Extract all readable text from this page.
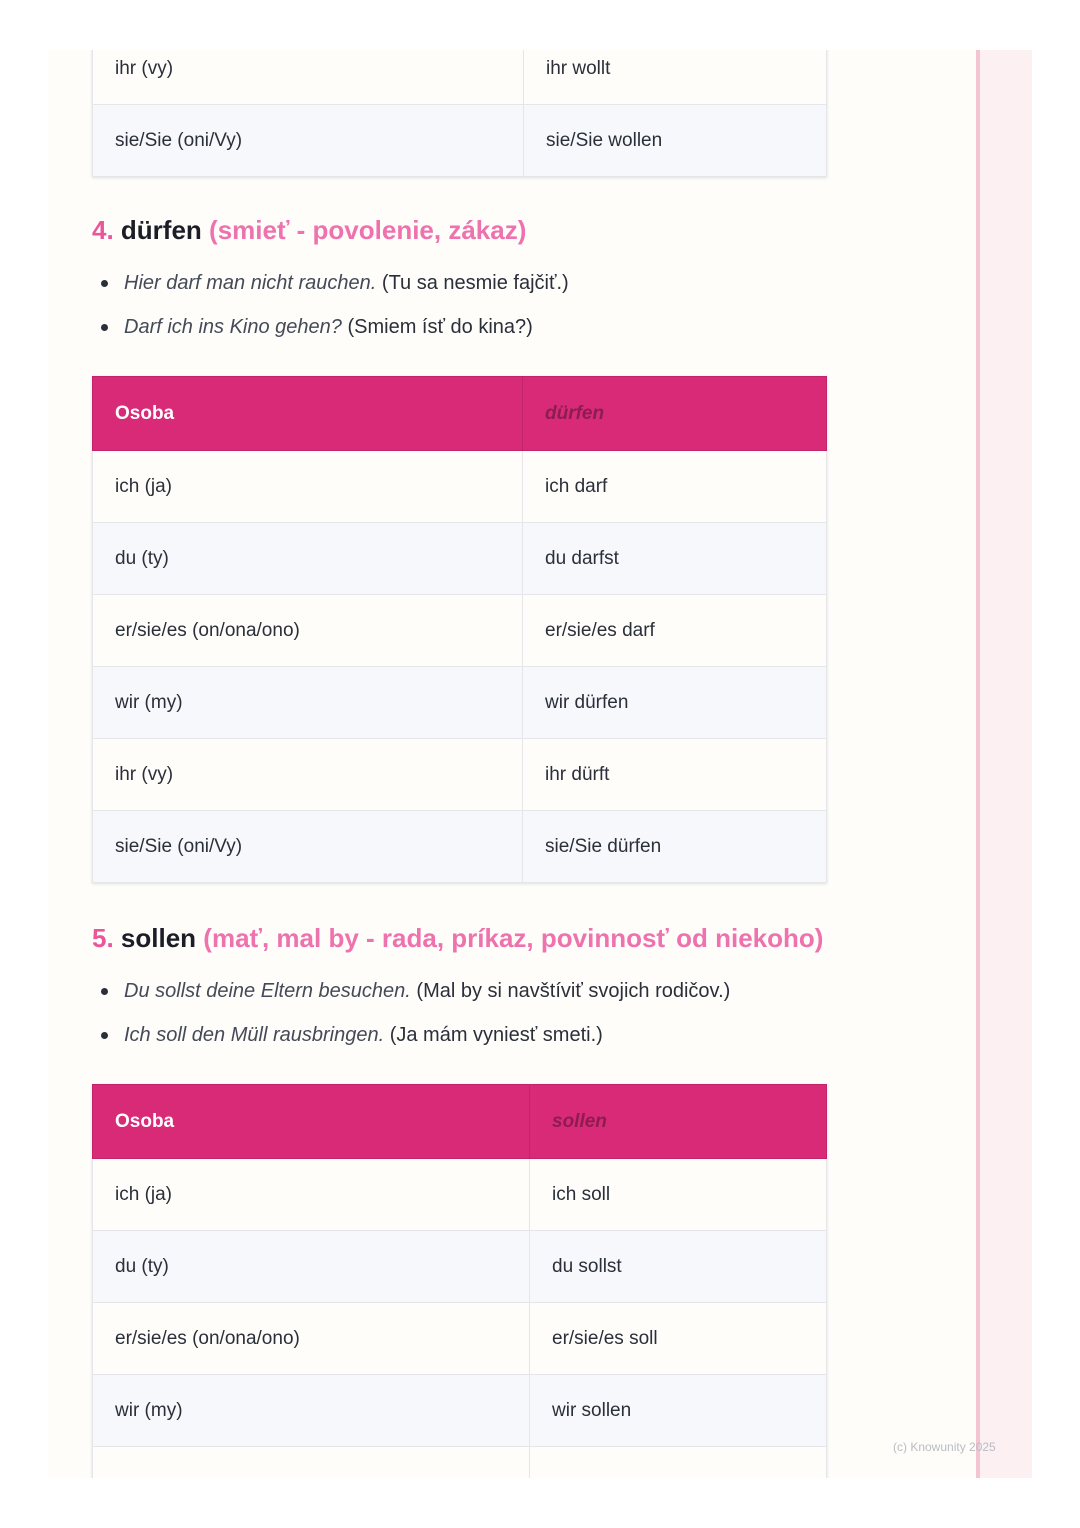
ihr (vy)	ihr wollt
sie/Sie (oni/Vy)	sie/Sie wollen
4. dürfen (smieť - povolenie, zákaz)
Hier darf man nicht rauchen. (Tu sa nesmie fajčiť.)
Darf ich ins Kino gehen? (Smiem ísť do kina?)
Osoba	dürfen
ich (ja)	ich darf
du (ty)	du darfst
er/sie/es (on/ona/ono)	er/sie/es darf
wir (my)	wir dürfen
ihr (vy)	ihr dürft
sie/Sie (oni/Vy)	sie/Sie dürfen
5. sollen (mať, mal by - rada, príkaz, povinnosť od niekoho)
Du sollst deine Eltern besuchen. (Mal by si navštíviť svojich rodičov.)
Ich soll den Müll rausbringen. (Ja mám vyniesť smeti.)
Osoba	sollen
ich (ja)	ich soll
du (ty)	du sollst
er/sie/es (on/ona/ono)	er/sie/es soll
wir (my)	wir sollen

(c) Knowunity 2025
